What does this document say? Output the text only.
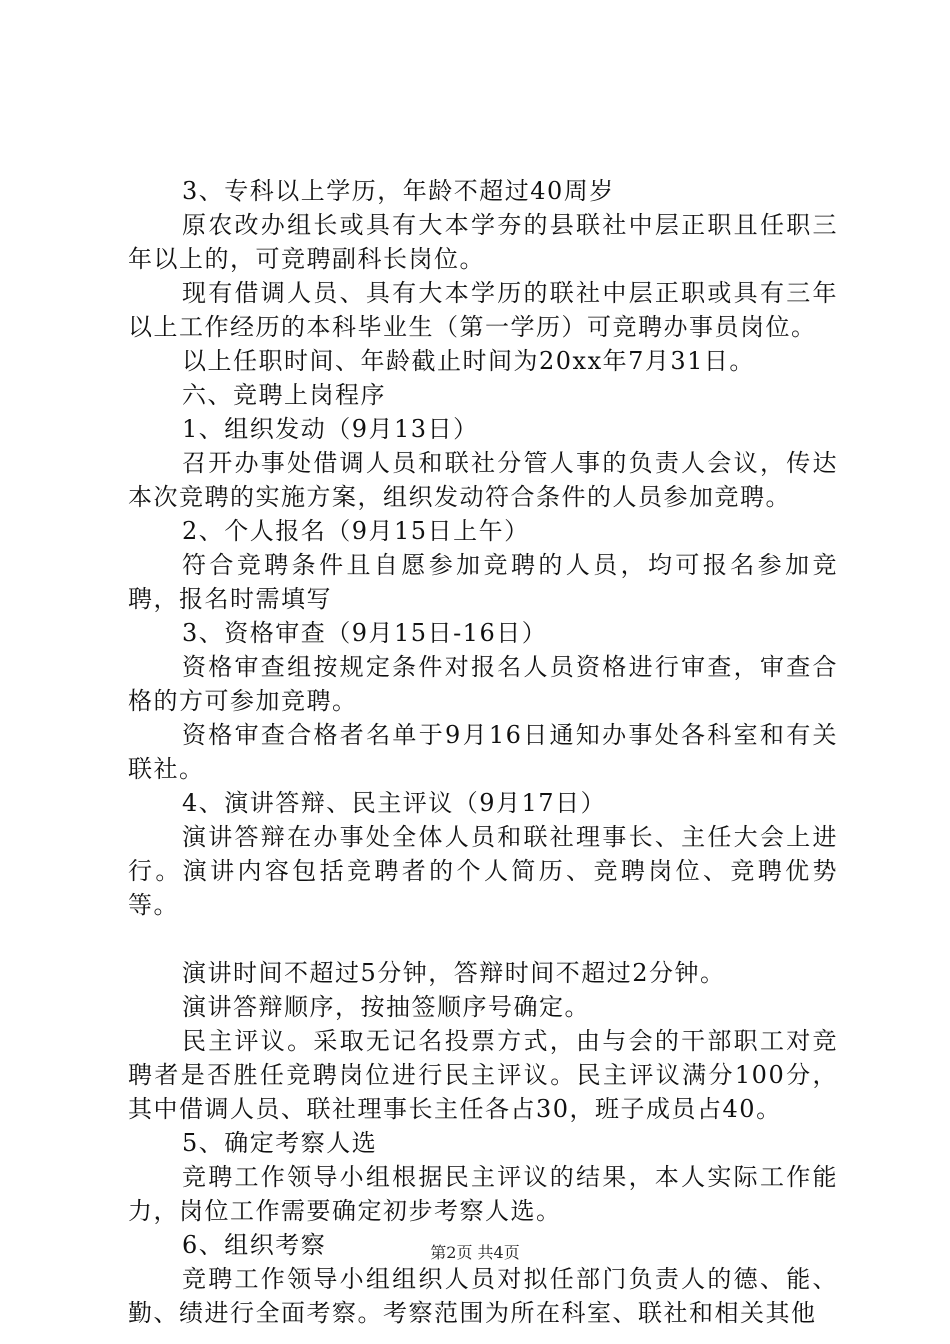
3、专科以上学历，年龄不超过40周岁

原农改办组长或具有大本学夯的县联社中层正职且任职三年以上的，可竞聘副科长岗位。

现有借调人员、具有大本学历的联社中层正职或具有三年以上工作经历的本科毕业生（第一学历）可竞聘办事员岗位。

以上任职时间、年龄截止时间为20xx年7月31日。

六、竞聘上岗程序

1、组织发动（9月13日）

召开办事处借调人员和联社分管人事的负责人会议，传达本次竞聘的实施方案，组织发动符合条件的人员参加竞聘。

2、个人报名（9月15日上午）

符合竞聘条件且自愿参加竞聘的人员，均可报名参加竞聘，报名时需填写

3、资格审查（9月15日-16日）

资格审查组按规定条件对报名人员资格进行审查，审查合格的方可参加竞聘。

资格审查合格者名单于9月16日通知办事处各科室和有关联社。

4、演讲答辩、民主评议（9月17日）

演讲答辩在办事处全体人员和联社理事长、主任大会上进行。演讲内容包括竞聘者的个人简历、竞聘岗位、竞聘优势等。

演讲时间不超过5分钟，答辩时间不超过2分钟。

演讲答辩顺序，按抽签顺序号确定。

民主评议。采取无记名投票方式，由与会的干部职工对竞聘者是否胜任竞聘岗位进行民主评议。民主评议满分100分，其中借调人员、联社理事长主任各占30，班子成员占40。

5、确定考察人选

竞聘工作领导小组根据民主评议的结果，本人实际工作能力，岗位工作需要确定初步考察人选。

6、组织考察

竞聘工作领导小组组织人员对拟任部门负责人的德、能、勤、绩进行全面考察。考察范围为所在科室、联社和相关其他

第2页 共4页
